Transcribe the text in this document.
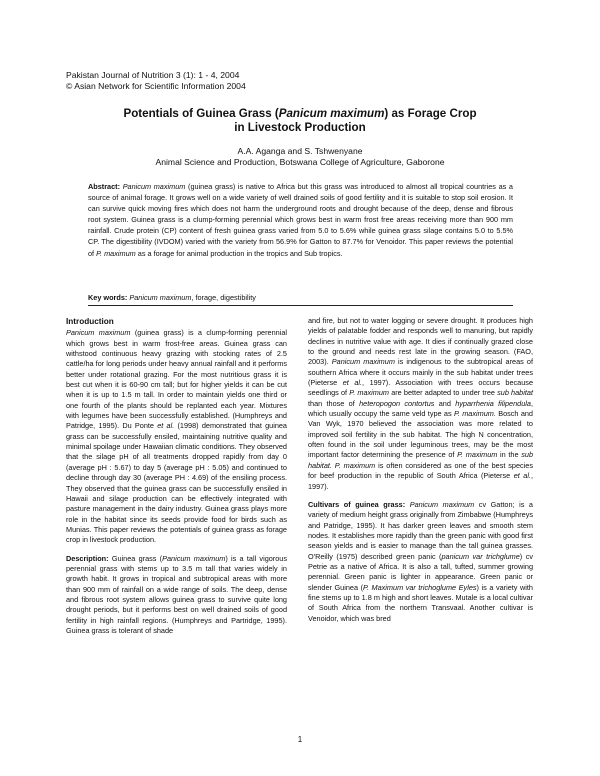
Pakistan Journal of Nutrition 3 (1): 1 - 4, 2004
© Asian Network for Scientific Information 2004
Potentials of Guinea Grass (Panicum maximum) as Forage Crop
in Livestock Production
A.A. Aganga and S. Tshwenyane
Animal Science and Production, Botswana College of Agriculture, Gaborone
Abstract: Panicum maximum (guinea grass) is native to Africa but this grass was introduced to almost all tropical countries as a source of animal forage. It grows well on a wide variety of well drained soils of good fertility and it is suitable to stop soil erosion. It can survive quick moving fires which does not harm the underground roots and drought because of the deep, dense and fibrous root system. Guinea grass is a clump-forming perennial which grows best in warm frost free areas receiving more than 900 mm rainfall. Crude protein (CP) content of fresh guinea grass varied from 5.0 to 5.6% while guinea grass silage contains 5.0 to 5.5% CP. The digestibility (IVDOM) varied with the variety from 56.9% for Gatton to 87.7% for Venoidor. This paper reviews the potential of P. maximum as a forage for animal production in the tropics and Sub tropics.
Key words: Panicum maximum, forage, digestibility

Introduction
Panicum maximum (guinea grass) is a clump-forming perennial which grows best in warm frost-free areas. Guinea grass can withstood continuous heavy grazing with stocking rates of 2.5 cattle/ha for long periods under heavy annual rainfall and it performs better under rotational grazing. For the most nutritious grass it is best cut when it is 60-90 cm tall; but for higher yields it can be cut when it is up to 1.5 m tall. In order to maintain yields one third or one fourth of the plants should be replanted each year. Mixtures with legumes have been successfully established. (Humphreys and Patridge, 1995). Du Ponte et al. (1998) demonstrated that guinea grass can be successfully ensiled, maintaining nutritive quality and minimal spoilage under Hawaiian climatic conditions. They observed that the silage pH of all treatments dropped rapidly from day 0 (average pH : 5.67) to day 5 (average pH : 5.05) and continued to decline through day 30 (average PH : 4.69) of the ensiling process. They observed that the guinea grass can be successfully ensiled in Hawaii and silage production can be effectively integrated with pasture management in the dairy industry. Guinea grass plays more role in the habitat since its seeds provide food for birds such as Munias. This paper reviews the potentials of guinea grass as forage crop in livestock production.

Description: Guinea grass (Panicum maximum) is a tall vigorous perennial grass with stems up to 3.5 m tall that varies widely in growth habit. It grows in tropical and subtropical areas with more than 900 mm of rainfall on a wide range of soils. The deep, dense and fibrous root system allows guinea grass to survive quite long drought periods, but it performs best on well drained soils of good fertility in high rainfall regions. (Humphreys and Partridge, 1995). Guinea grass is tolerant of shade

and fire, but not to water logging or severe drought. It produces high yields of palatable fodder and responds well to manuring, but rapidly declines in nutritive value with age. It dies if continually grazed close to the ground and needs rest late in the growing season. (FAO, 2003). Panicum maximum is indigenous to the subtropical areas of southern Africa where it occurs mainly in the sub habitat under trees (Pieterse et al., 1997). Association with trees occurs because seedlings of P. maximum are better adapted to under tree sub habitat than those of heteropogon contortus and hyparrhenia filipendula, which usually occupy the same veld type as P. maximum. Bosch and Van Wyk, 1970 believed the association was more related to improved soil fertility in the sub habitat. The high N concentration, often found in the soil under leguminous trees, may be the most important factor determining the presence of P. maximum in the sub habitat. P. maximum is often considered as one of the best species for beef production in the republic of South Africa (Pieterse et al., 1997).

Cultivars of guinea grass: Panicum maximum cv Gatton; is a variety of medium height grass originally from Zimbabwe (Humphreys and Patridge, 1995). It has darker green leaves and smooth stem nodes. It establishes more rapidly than the green panic with good first season yields and is easier to manage than the tall guinea grasses. O'Reilly (1975) described green panic (panicum var trichglume) cv Petrie as a native of Africa. It is also a tall, tufted, summer growing perennial. Green panic is lighter in appearance. Green panic or slender Guinea (P. Maximum var trichoglume Eyles) is a variety with fine stems up to 1.8 m high and short leaves. Mutale is a local cultivar of South Africa from the northern Transvaal. Another cultivar is Venoidor, which was bred

1
